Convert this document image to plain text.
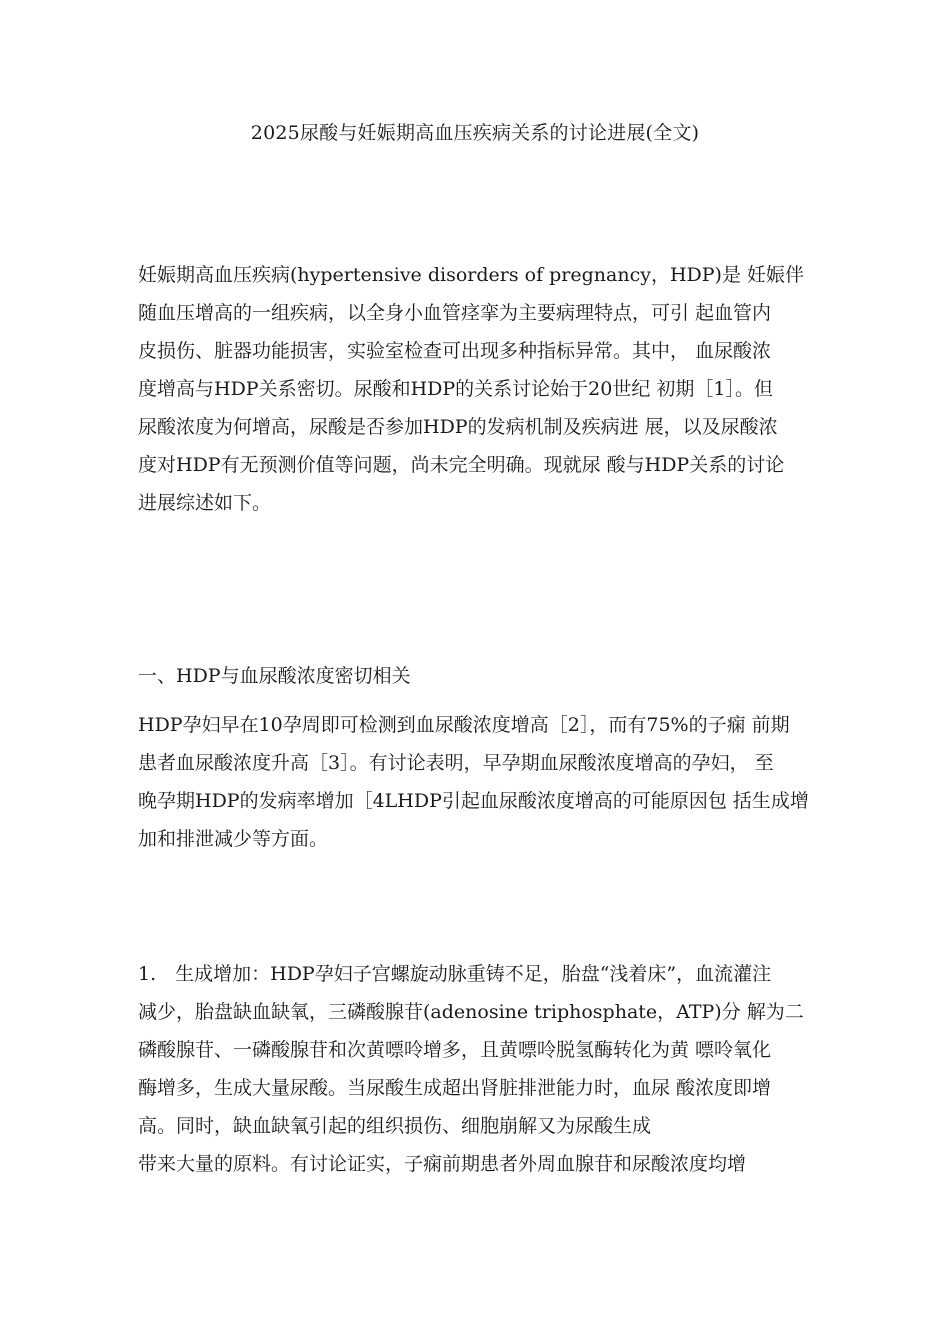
2025尿酸与妊娠期高血压疾病关系的讨论进展(全文)
妊娠期高血压疾病(hypertensive disorders of pregnancy，HDP)是 妊娠伴
随血压增高的一组疾病，以全身小血管痉挛为主要病理特点，可引 起血管内
皮损伤、脏器功能损害，实验室检查可出现多种指标异常。其中， 血尿酸浓
度增高与HDP关系密切。尿酸和HDP的关系讨论始于20世纪 初期［1］。但
尿酸浓度为何增高，尿酸是否参加HDP的发病机制及疾病进 展，以及尿酸浓
度对HDP有无预测价值等问题，尚未完全明确。现就尿 酸与HDP关系的讨论
进展综述如下。
一、HDP与血尿酸浓度密切相关
HDP孕妇早在10孕周即可检测到血尿酸浓度增高［2］，而有75%的子痫 前期
患者血尿酸浓度升高［3］。有讨论表明，早孕期血尿酸浓度增高的孕妇， 至
晚孕期HDP的发病率增加［4LHDP引起血尿酸浓度增高的可能原因包 括生成增
加和排泄减少等方面。
1.　生成增加：HDP孕妇子宫螺旋动脉重铸不足，胎盘“浅着床”，血流灌注
减少，胎盘缺血缺氧，三磷酸腺苷(adenosine triphosphate，ATP)分 解为二
磷酸腺苷、一磷酸腺苷和次黄嘌呤增多，且黄嘌呤脱氢酶转化为黄 嘌呤氧化
酶增多，生成大量尿酸。当尿酸生成超出肾脏排泄能力时，血尿 酸浓度即增
高。同时，缺血缺氧引起的组织损伤、细胞崩解又为尿酸生成
带来大量的原料。有讨论证实，子痫前期患者外周血腺苷和尿酸浓度均增
